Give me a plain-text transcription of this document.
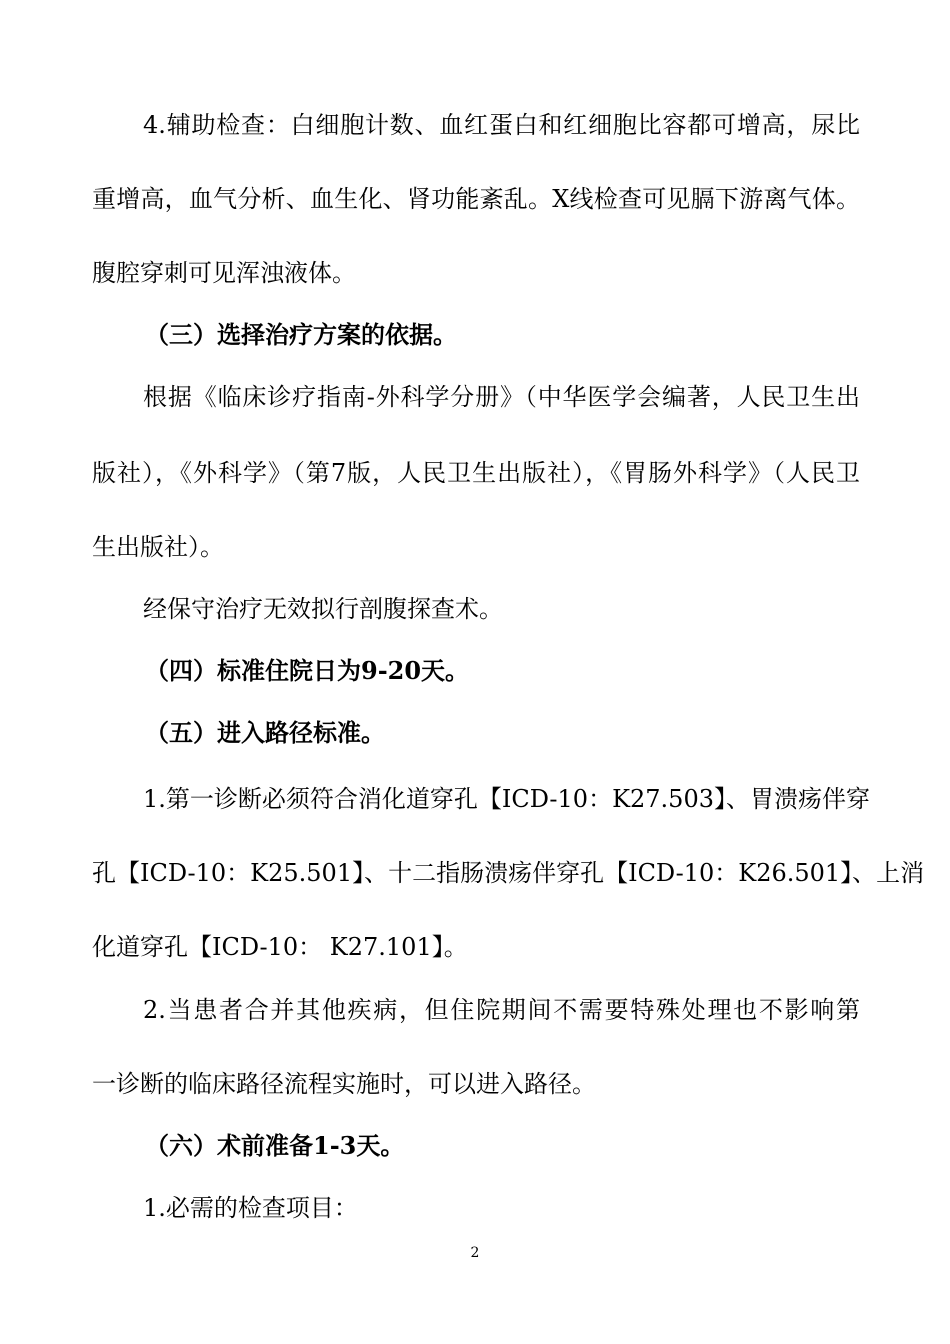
4.辅助检查：白细胞计数、血红蛋白和红细胞比容都可增高，尿比
重增高，血气分析、血生化、肾功能紊乱。X线检查可见膈下游离气体。
腹腔穿刺可见浑浊液体。
（三）选择治疗方案的依据。
根据《临床诊疗指南-外科学分册》（中华医学会编著，人民卫生出
版社），《外科学》（第7版，人民卫生出版社），《胃肠外科学》（人民卫
生出版社）。
经保守治疗无效拟行剖腹探查术。
（四）标准住院日为9-20天。
（五）进入路径标准。
1.第一诊断必须符合消化道穿孔【ICD-10：K27.503】、胃溃疡伴穿
孔【ICD-10：K25.501】、十二指肠溃疡伴穿孔【ICD-10：K26.501】、上消
化道穿孔【ICD-10： K27.101】。
2.当患者合并其他疾病，但住院期间不需要特殊处理也不影响第
一诊断的临床路径流程实施时，可以进入路径。
（六）术前准备1-3天。
1.必需的检查项目：
2
